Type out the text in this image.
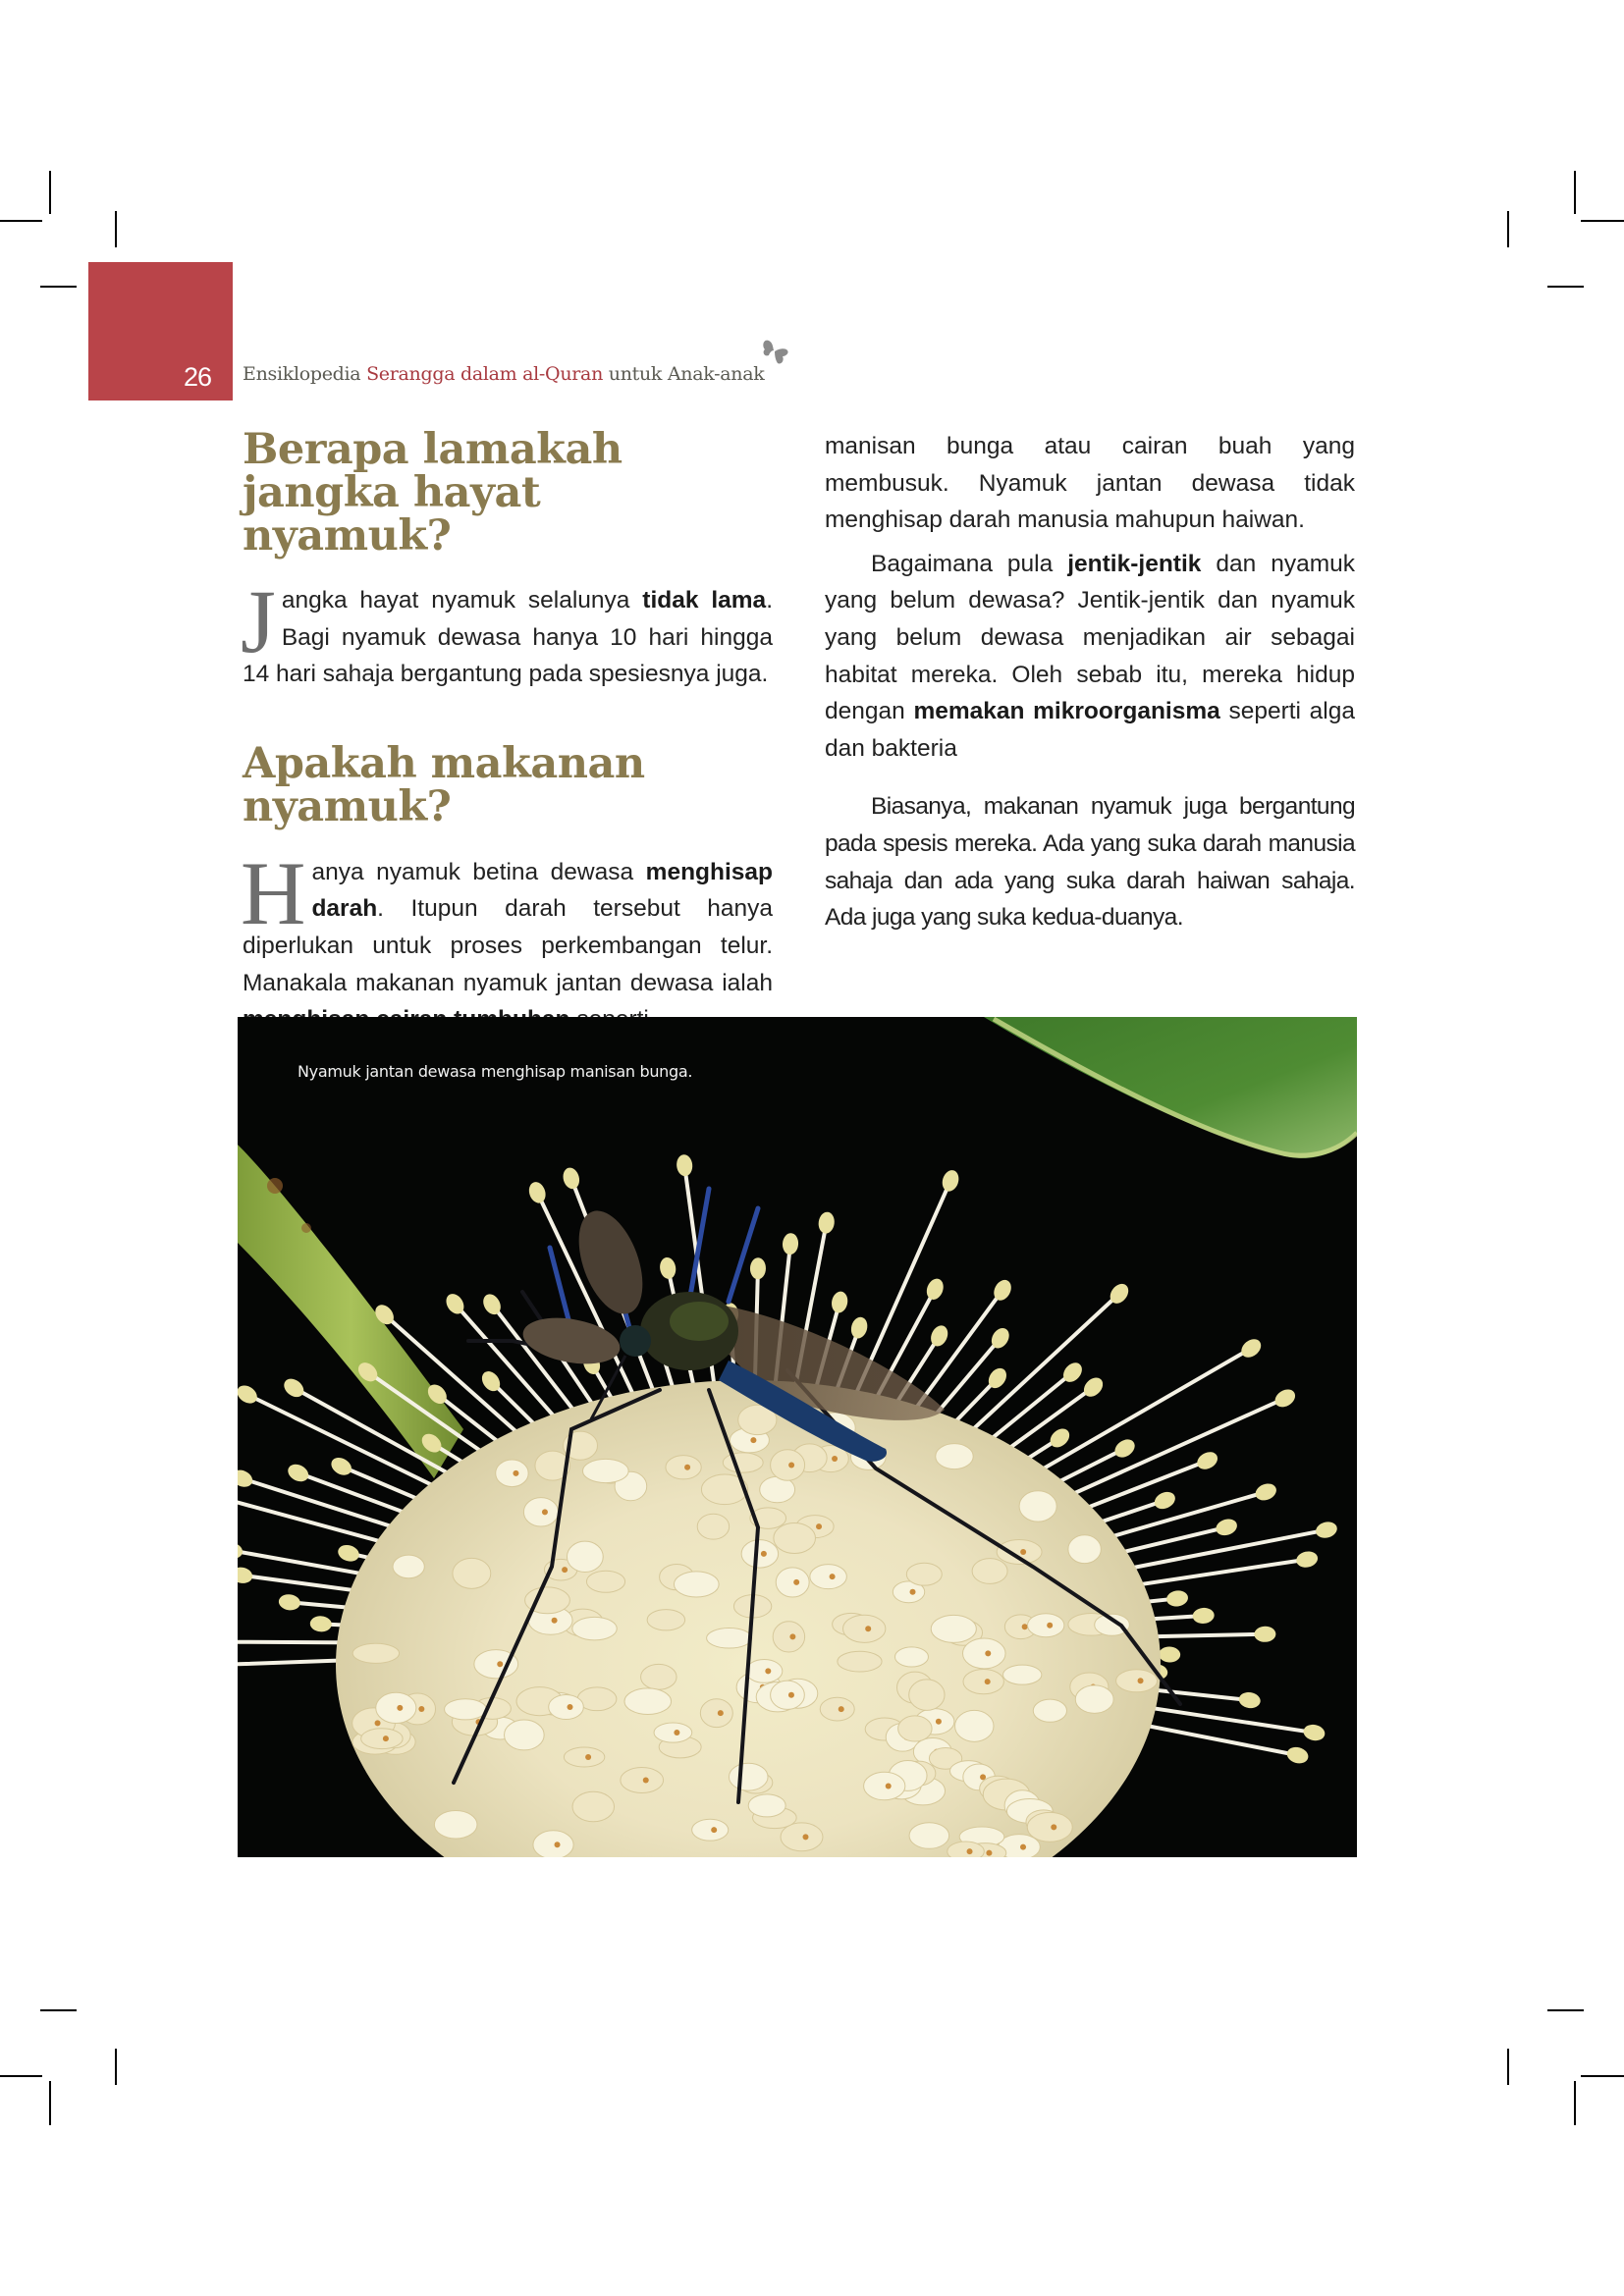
26 Ensiklopedia Serangga dalam al-Quran untuk Anak-anak
Berapa lamakah jangka hayat nyamuk?

Jangka hayat nyamuk selalunya tidak lama. Bagi nyamuk dewasa hanya 10 hari hingga 14 hari sahaja bergantung pada spesiesnya juga.

Apakah makanan nyamuk?

Hanya nyamuk betina dewasa menghisap darah. Itupun darah tersebut hanya diperlukan untuk proses perkembangan telur. Manakala makanan nyamuk jantan dewasa ialah

manisan bunga atau cairan buah yang membusuk. Nyamuk jantan dewasa tidak menghisap darah manusia mahupun haiwan.

Bagaimana pula jentik-jentik dan nyamuk yang belum dewasa? Jentik-jentik dan nyamuk yang belum dewasa menjadikan air sebagai habitat mereka. Oleh sebab itu, mereka hidup dengan memakan mikroorganisma seperti alga dan bakteria

Biasanya, makanan nyamuk juga bergantung pada spesis mereka. Ada yang suka darah manusia sahaja dan ada yang suka darah haiwan sahaja. Ada juga yang suka kedua-duanya.

Nyamuk jantan dewasa menghisap manisan bunga.
